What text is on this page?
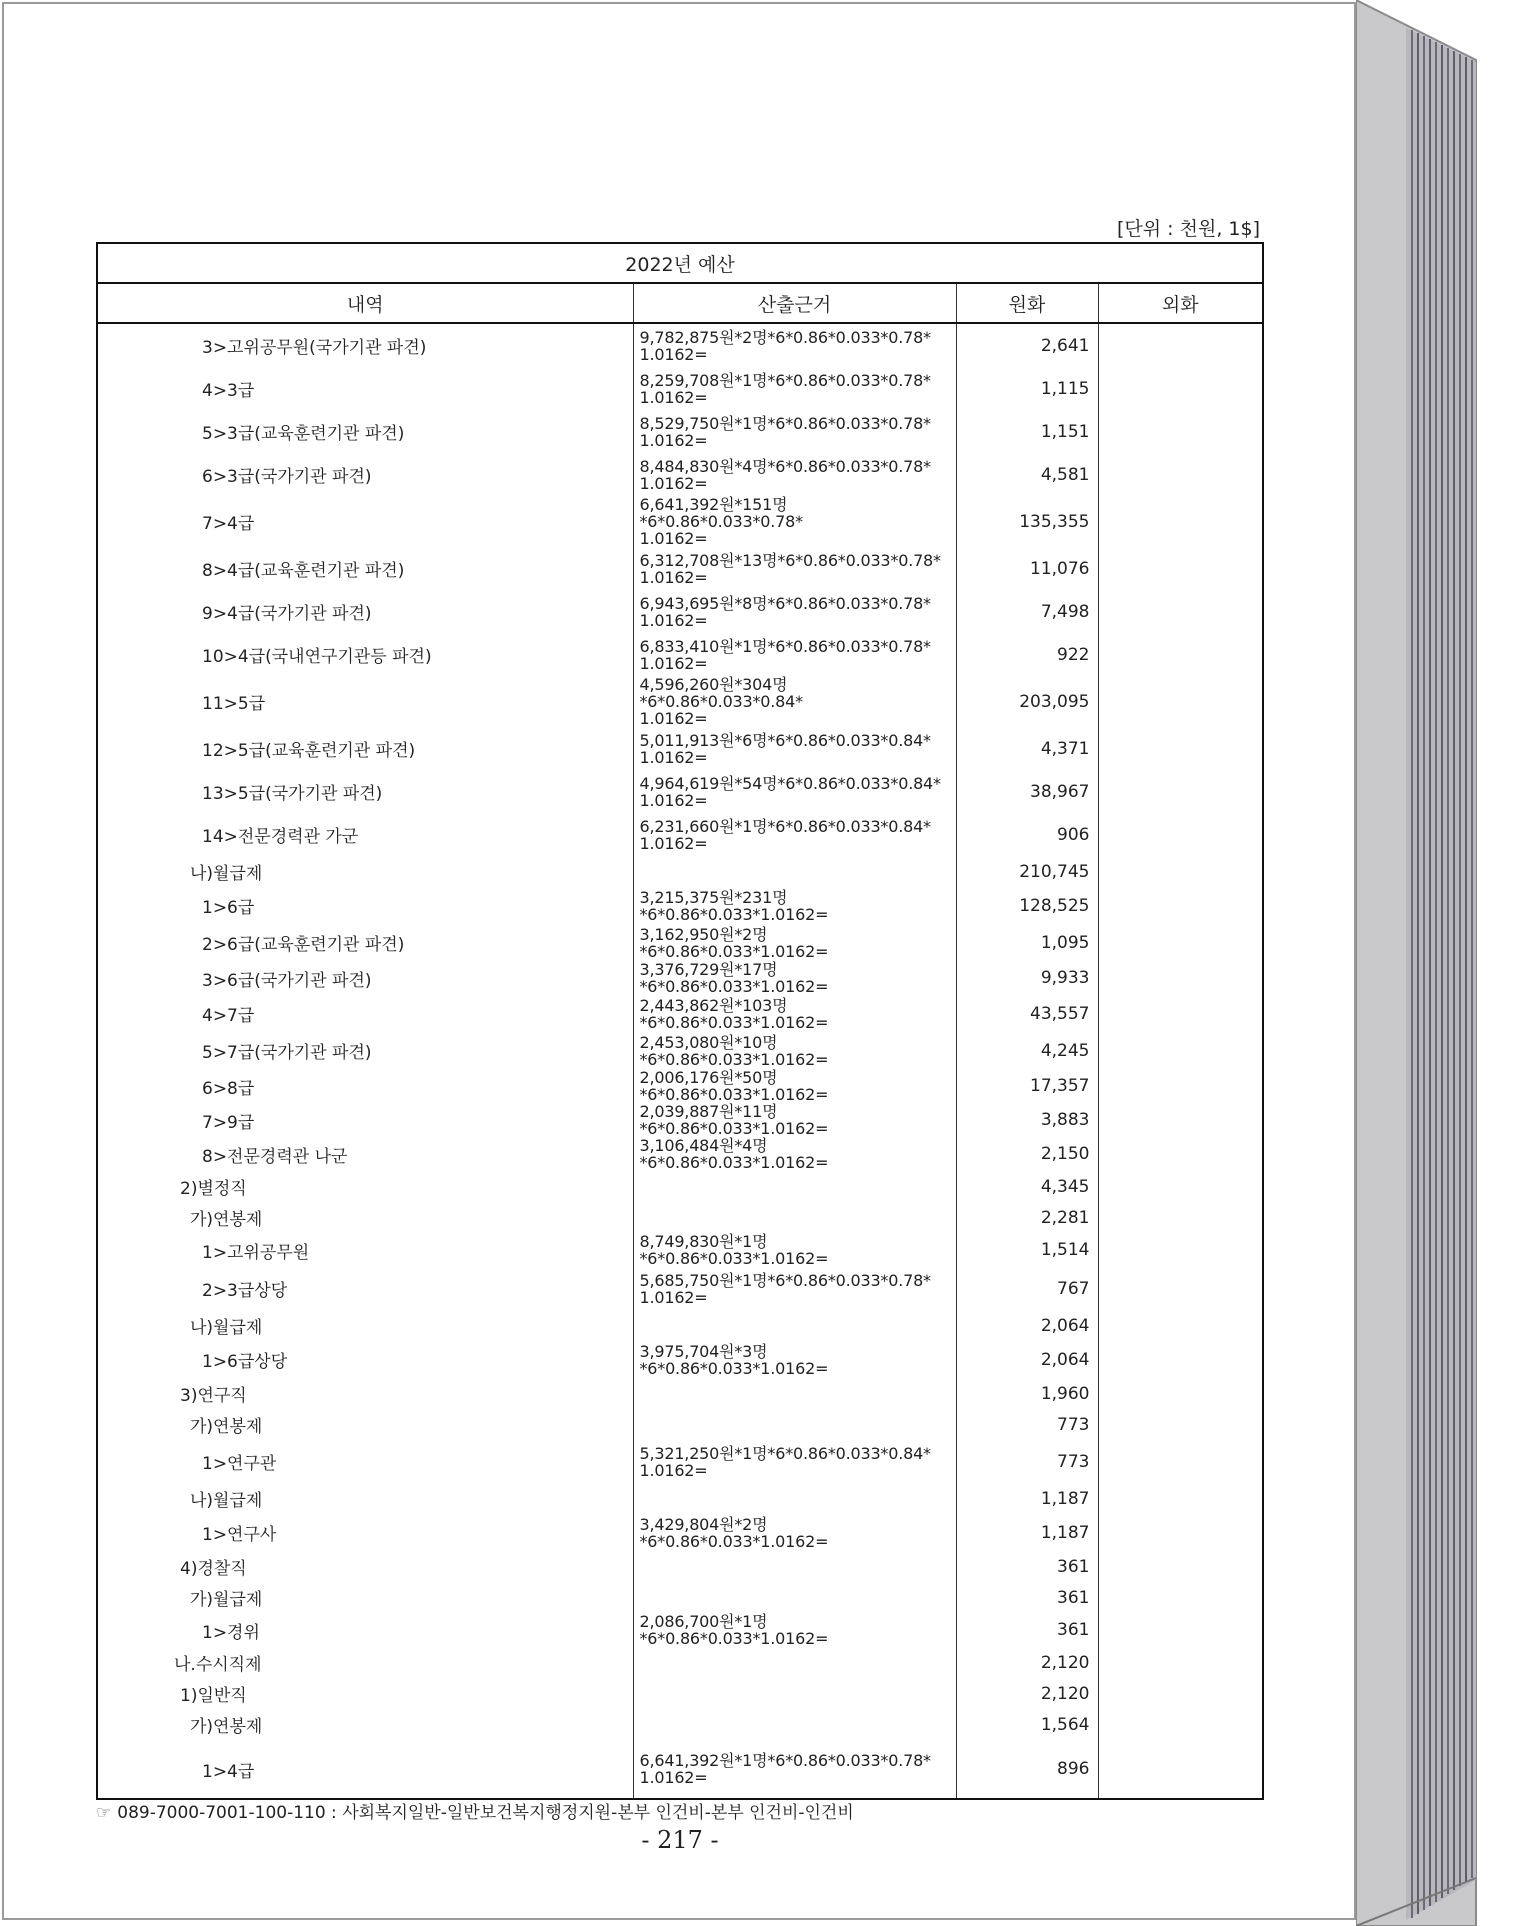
[단위 : 천원, 1$]
2022년 예산			
내역	산출근거	원화	외화
3>고위공무원(국가기관 파견)	9,782,875원*2명*6*0.86*0.033*0.78*
1.0162=	2,641	
4>3급	8,259,708원*1명*6*0.86*0.033*0.78*
1.0162=	1,115	
5>3급(교육훈련기관 파견)	8,529,750원*1명*6*0.86*0.033*0.78*
1.0162=	1,151	
6>3급(국가기관 파견)	8,484,830원*4명*6*0.86*0.033*0.78*
1.0162=	4,581	
7>4급	6,641,392원*151명*6*0.86*0.033*0.78*
1.0162=	135,355	
8>4급(교육훈련기관 파견)	6,312,708원*13명*6*0.86*0.033*0.78*
1.0162=	11,076	
9>4급(국가기관 파견)	6,943,695원*8명*6*0.86*0.033*0.78*
1.0162=	7,498	
10>4급(국내연구기관등 파견)	6,833,410원*1명*6*0.86*0.033*0.78*
1.0162=	922	
11>5급	4,596,260원*304명*6*0.86*0.033*0.84*
1.0162=	203,095	
12>5급(교육훈련기관 파견)	5,011,913원*6명*6*0.86*0.033*0.84*
1.0162=	4,371	
13>5급(국가기관 파견)	4,964,619원*54명*6*0.86*0.033*0.84*
1.0162=	38,967	
14>전문경력관 가군	6,231,660원*1명*6*0.86*0.033*0.84*
1.0162=	906	
나)월급제		210,745	
1>6급	3,215,375원*231명*6*0.86*0.033*1.0162=	128,525	
2>6급(교육훈련기관 파견)	3,162,950원*2명*6*0.86*0.033*1.0162=	1,095	
3>6급(국가기관 파견)	3,376,729원*17명*6*0.86*0.033*1.0162=	9,933	
4>7급	2,443,862원*103명*6*0.86*0.033*1.0162=	43,557	
5>7급(국가기관 파견)	2,453,080원*10명*6*0.86*0.033*1.0162=	4,245	
6>8급	2,006,176원*50명*6*0.86*0.033*1.0162=	17,357	
7>9급	2,039,887원*11명*6*0.86*0.033*1.0162=	3,883	
8>전문경력관 나군	3,106,484원*4명*6*0.86*0.033*1.0162=	2,150	
2)별정직		4,345	
가)연봉제		2,281	
1>고위공무원	8,749,830원*1명*6*0.86*0.033*1.0162=	1,514	
2>3급상당	5,685,750원*1명*6*0.86*0.033*0.78*
1.0162=	767	
나)월급제		2,064	
1>6급상당	3,975,704원*3명*6*0.86*0.033*1.0162=	2,064	
3)연구직		1,960	
가)연봉제		773	
1>연구관	5,321,250원*1명*6*0.86*0.033*0.84*
1.0162=	773	
나)월급제		1,187	
1>연구사	3,429,804원*2명*6*0.86*0.033*1.0162=	1,187	
4)경찰직		361	
가)월급제		361	
1>경위	2,086,700원*1명*6*0.86*0.033*1.0162=	361	
나.수시직제		2,120	
1)일반직		2,120	
가)연봉제		1,564	
1>4급	6,641,392원*1명*6*0.86*0.033*0.78*
1.0162=	896	
☞ 089-7000-7001-100-110 : 사회복지일반-일반보건복지행정지원-본부 인건비-본부 인건비-인건비
- 217 -
